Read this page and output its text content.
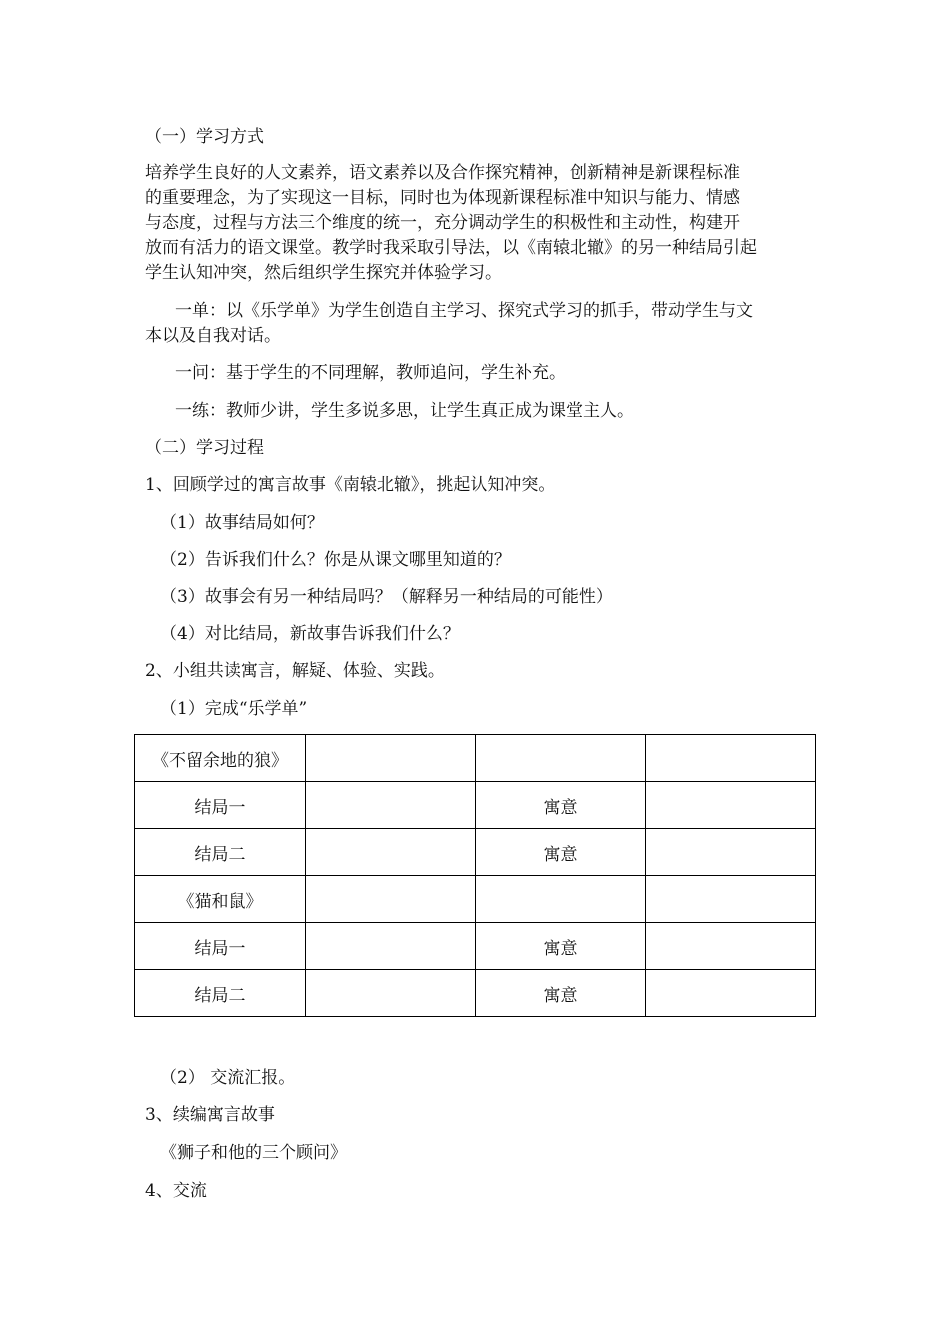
（一）学习方式
培养学生良好的人文素养，语文素养以及合作探究精神，创新精神是新课程标准
的重要理念，为了实现这一目标，同时也为体现新课程标准中知识与能力、情感
与态度，过程与方法三个维度的统一，充分调动学生的积极性和主动性，构建开
放而有活力的语文课堂。教学时我采取引导法，以《南辕北辙》的另一种结局引起
学生认知冲突，然后组织学生探究并体验学习。
一单：以《乐学单》为学生创造自主学习、探究式学习的抓手，带动学生与文
本以及自我对话。
一问：基于学生的不同理解，教师追问，学生补充。
一练：教师少讲，学生多说多思，让学生真正成为课堂主人。
（二）学习过程
1、回顾学过的寓言故事《南辕北辙》，挑起认知冲突。
（1）故事结局如何？
（2）告诉我们什么？你是从课文哪里知道的？
（3）故事会有另一种结局吗？（解释另一种结局的可能性）
（4）对比结局，新故事告诉我们什么？
2、小组共读寓言，解疑、体验、实践。
（1）完成“乐学单”
《不留余地的狼》			
结局一		寓意	
结局二		寓意	
《猫和鼠》			
结局一		寓意	
结局二		寓意	
（2） 交流汇报。
3、续编寓言故事
《狮子和他的三个顾问》
4、交流
